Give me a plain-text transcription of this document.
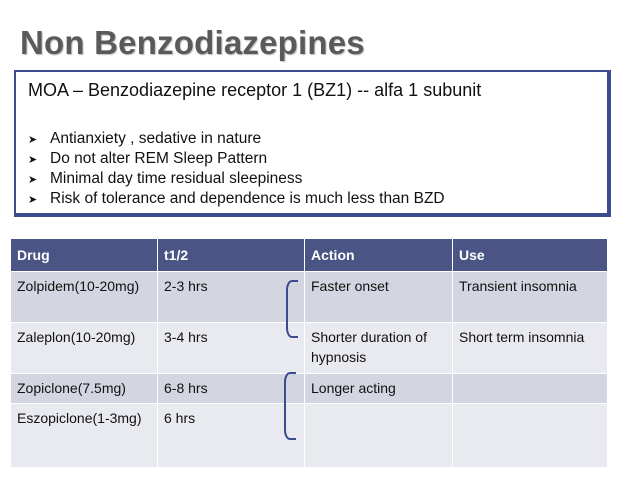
Non Benzodiazepines
MOA – Benzodiazepine receptor 1 (BZ1) -- alfa 1 subunit
➤ Antianxiety , sedative in nature
➤ Do not alter REM Sleep Pattern
➤ Minimal day time residual sleepiness
➤ Risk of tolerance and dependence is much less than BZD
Drug	t1/2	Action	Use
Zolpidem(10-20mg)	2-3 hrs	Faster onset	Transient insomnia
Zaleplon(10-20mg)	3-4 hrs	Shorter duration of hypnosis	Short term insomnia
Zopiclone(7.5mg)	6-8 hrs	Longer acting	
Eszopiclone(1-3mg)	6 hrs		
